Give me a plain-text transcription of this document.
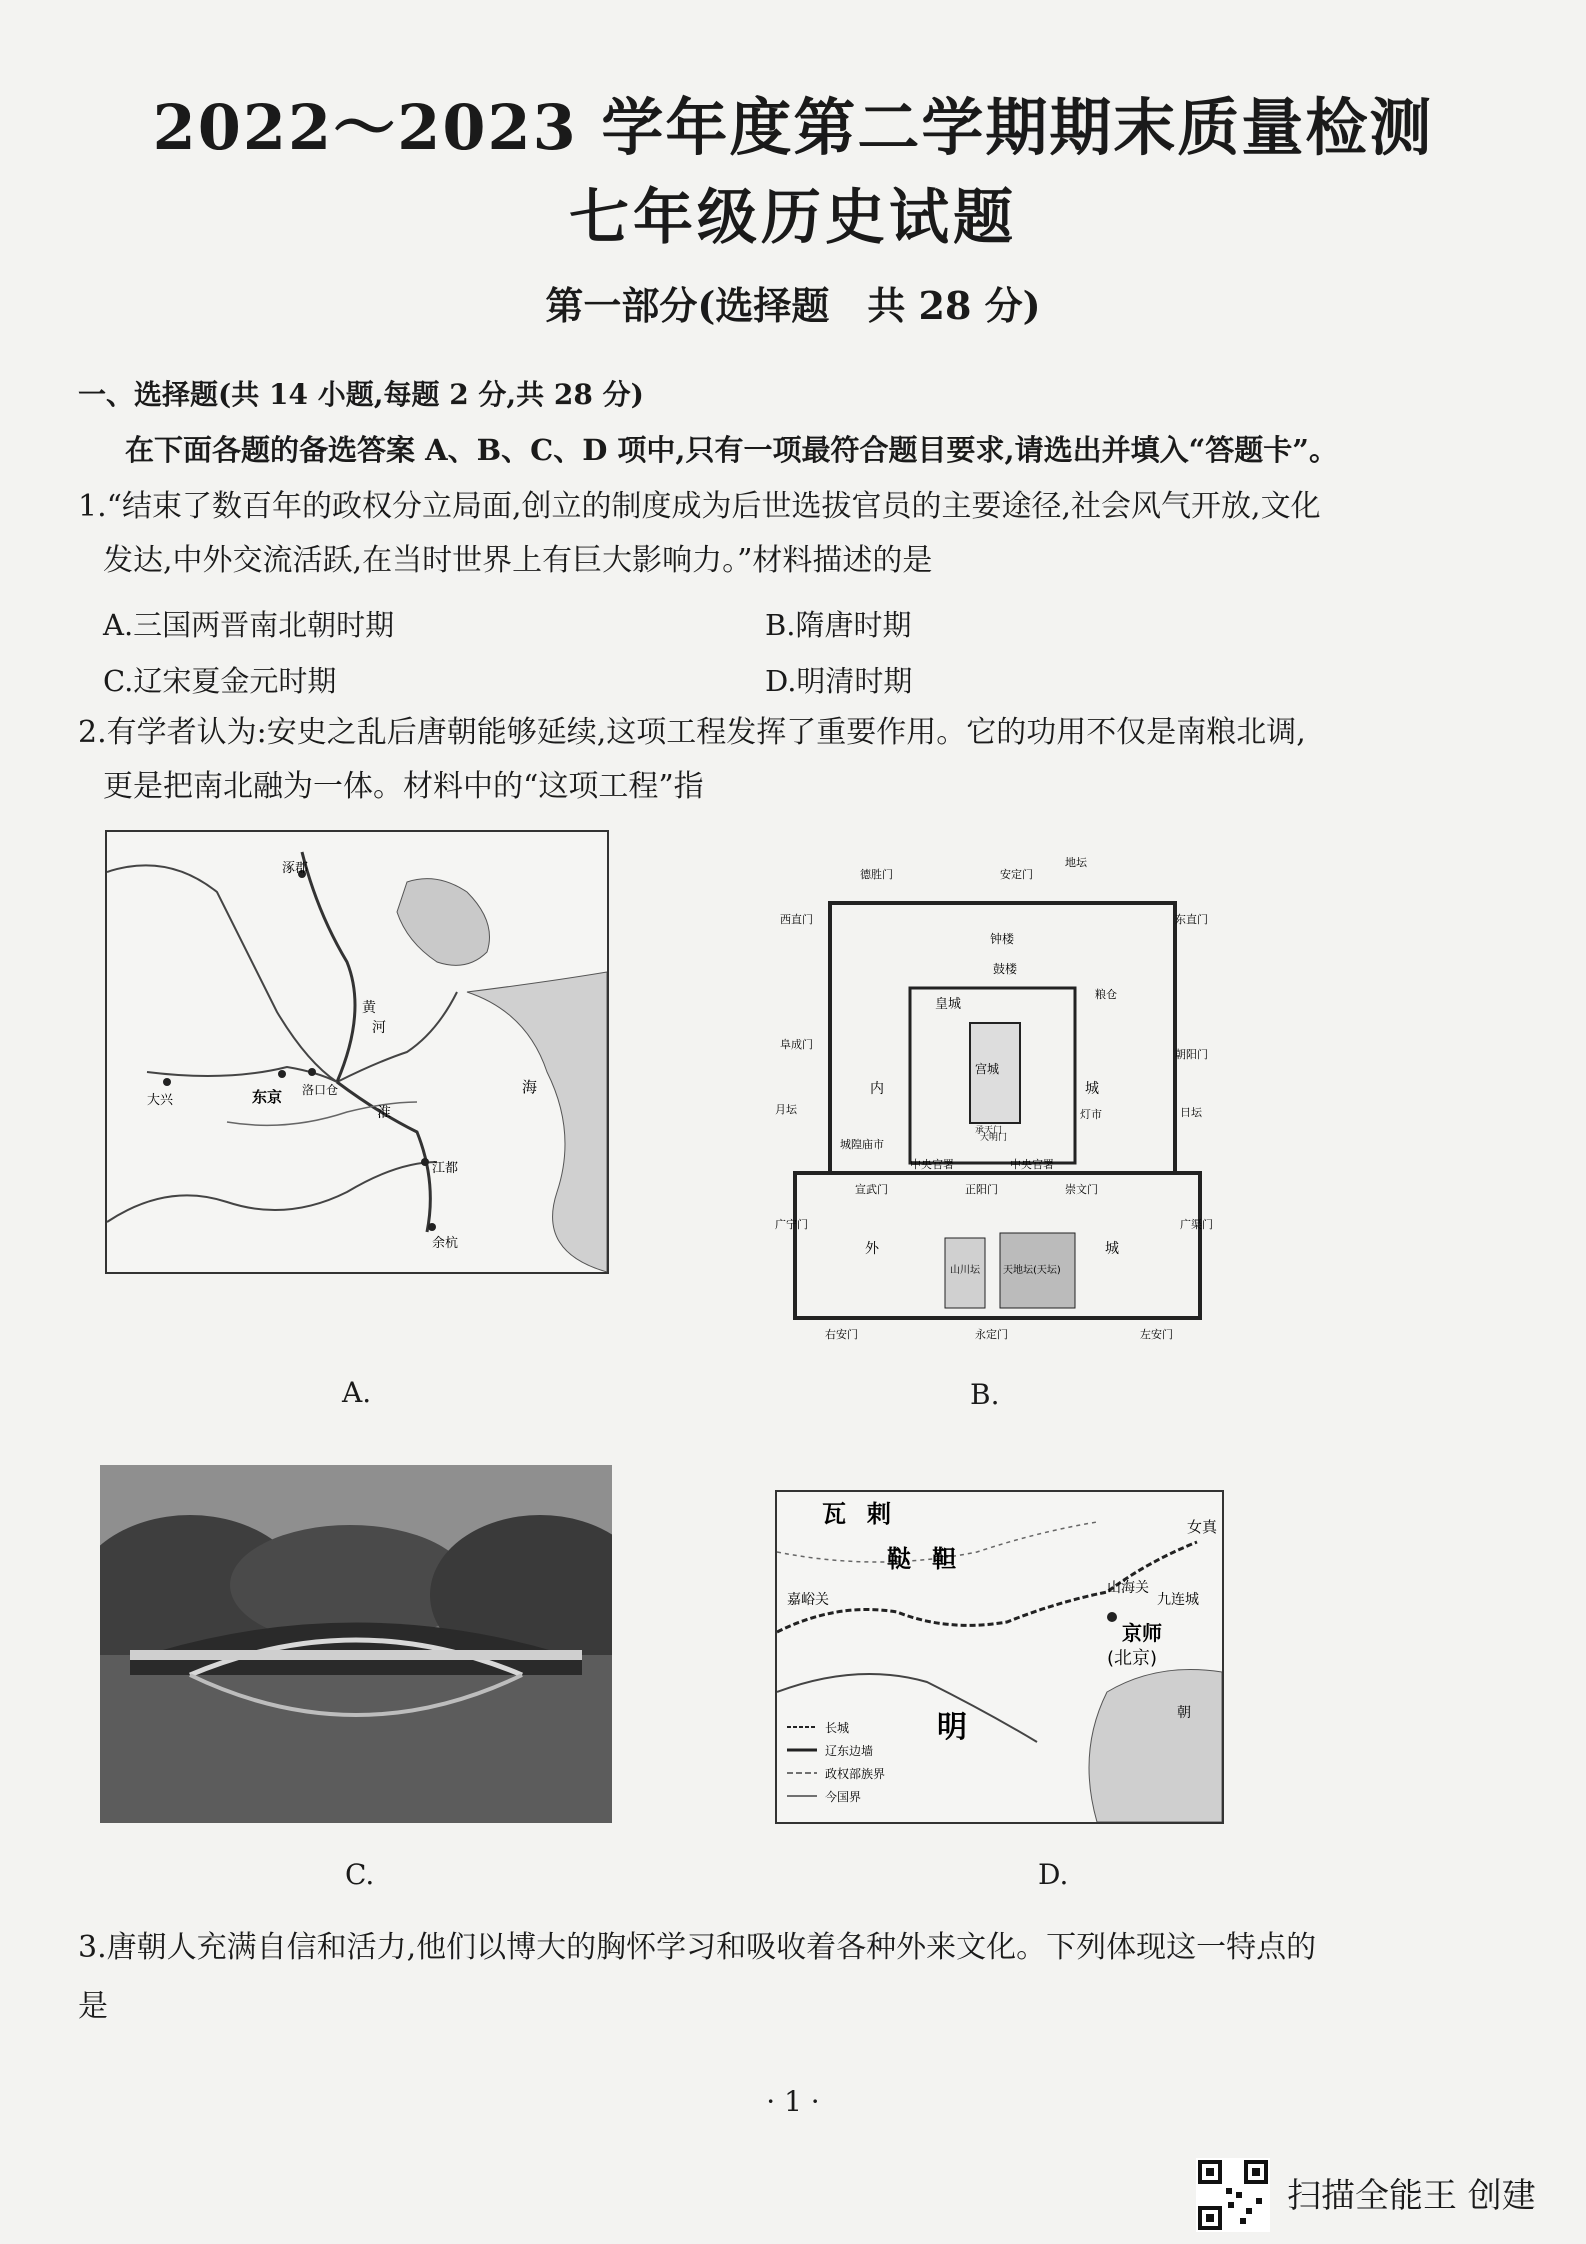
2022～2023 学年度第二学期期末质量检测
七年级历史试题
第一部分(选择题　共 28 分)
一、选择题(共 14 小题,每题 2 分,共 28 分)
在下面各题的备选答案 A、B、C、D 项中,只有一项最符合题目要求,请选出并填入“答题卡”。
1.“结束了数百年的政权分立局面,创立的制度成为后世选拔官员的主要途径,社会风气开放,文化
发达,中外交流活跃,在当时世界上有巨大影响力。”材料描述的是
A.三国两晋南北朝时期	B.隋唐时期
C.辽宋夏金元时期	D.明清时期
2.有学者认为:安史之乱后唐朝能够延续,这项工程发挥了重要作用。它的功用不仅是南粮北调,
更是把南北融为一体。材料中的“这项工程”指
涿郡
东京 洛口仓
大兴
江都
余杭
黄
河
淮
海
A.
德胜门	安定门
地坛
钟楼
鼓楼
西直门	东直门
皇城
宫城
内	城
朝阳门
阜成门
月坛	日坛
城隍庙市
灯市
中央官署	中央官署
宣武门	正阳门	崇文门
广宁门	广渠门
外	城
山川坛 天地坛(天坛)
右安门	永定门	左安门
粮仓
大明门
承天门
B.
C.
瓦 剌
鞑 靼
女真
嘉峪关
山海关
九连城
京师
(北京)
朝
明
长城
辽东边墙
政权部族界
今国界
D.
3.唐朝人充满自信和活力,他们以博大的胸怀学习和吸收着各种外来文化。下列体现这一特点的
是
· 1 ·
扫描全能王 创建
